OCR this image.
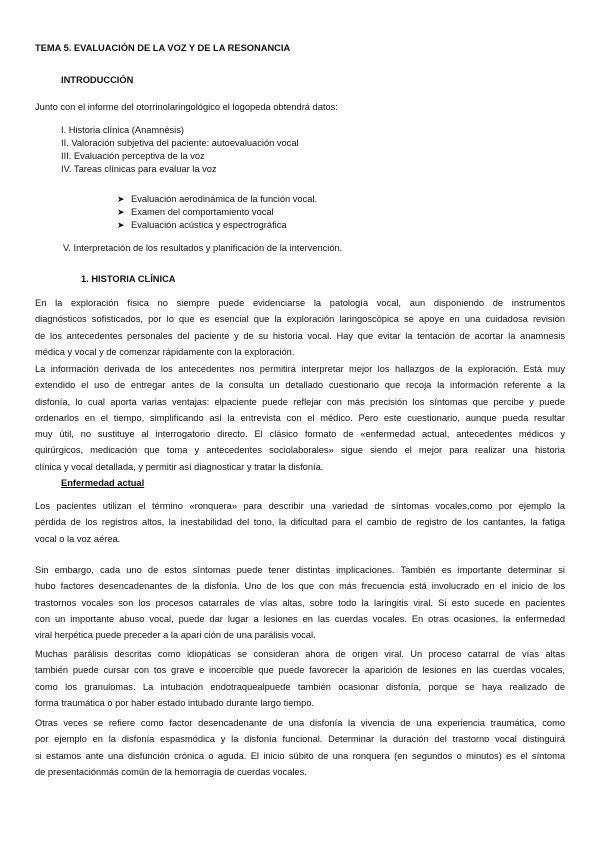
TEMA 5. EVALUACIÓN DE LA VOZ Y DE LA RESONANCIA
INTRODUCCIÓN
Junto con el informe del otorrinolaringológico el logopeda obtendrá datos:
I. Historia clínica (Anamnésis)
II. Valoración subjetiva del paciente: autoevaluación vocal
III. Evaluación perceptiva de la voz
IV. Tareas clínicas para evaluar la voz
➤ Evaluación aerodinámica de la función vocal.
➤ Examen del comportamiento vocal
➤ Evaluación acústica y espectrográfica
V. Interpretación de los resultados y planificación de la intervención.
1. HISTORIA CLÍNICA
En la exploración física no siempre puede evidenciarse la patología vocal, aun disponiendo de instrumentos
diagnósticos sofisticados, por lo que es esencial que la exploración laringoscópica se apoye en una cuidadosa revisión
de los antecedentes personales del paciente y de su historia vocal. Hay que evitar la tentación de acortar la anamnesis
médica y vocal y de comenzar rápidamente con la exploración.
La información derivada de los antecedentes nos permitirá interpretar mejor los hallazgos de la exploración. Está muy
extendido el uso de entregar antes de la consulta un detallado cuestionario que recoja la información referente a la
disfonía, lo cual aporta varias ventajas: elpaciente puede reflejar con más precisión los síntomas que percibe y puede
ordenarlos en el tiempo, simplificando así la entrevista con el médico. Pero este cuestionario, aunque pueda resultar
muy útil, no sustituye al interrogatorio directo. El clásico formato de «enfermedad actual, antecedentes médicos y
quirúrgicos, medicación que toma y antecedentes sociolaborales» sigue siendo el mejor para realizar una historia
clínica y vocal detallada, y permitir así diagnosticar y tratar la disfonía.
Enfermedad actual
Los pacientes utilizan el término «ronquera» para describir una variedad de síntomas vocales,como por ejemplo la
pérdida de los registros altos, la inestabilidad del tono, la dificultad para el cambio de registro de los cantantes, la fatiga
vocal o la voz aérea.
Sin embargo, cada uno de estos síntomas puede tener distintas implicaciones. También es importante determinar si
hubo factores desencadenantes de la disfonía. Uno de los que con más frecuencia está involucrado en el inicio de los
trastornos vocales son los procesos catarrales de vías altas, sobre todo la laringitis viral. Si esto sucede en pacientes
con un importante abuso vocal, puede dar lugar a lesiones en las cuerdas vocales. En otras ocasiones, la enfermedad
viral herpética puede preceder a la apari ción de una parálisis vocal.
Muchas parálisis descritas como idiopáticas se consideran ahora de origen viral. Un proceso catarral de vías altas
también puede cursar con tos grave e incoercible que puede favorecer la aparición de lesiones en las cuerdas vocales,
como los granulomas. La intubación endotraquealpuede también ocasionar disfonía, porque se haya realizado de
forma traumática o por haber estado intubado durante largo tiempo.
Otras veces se refiere como factor desencadenante de una disfonía la vivencia de una experiencia traumática, como
por ejemplo en la disfonía espasmódica y la disfonía funcional. Determinar la duración del trastorno vocal distinguirá
si estamos ante una disfunción crónica o aguda. El inicio súbito de una ronquera (en segundos o minutos) es el síntoma
de presentaciónmás común de la hemorragia de cuerdas vocales.
